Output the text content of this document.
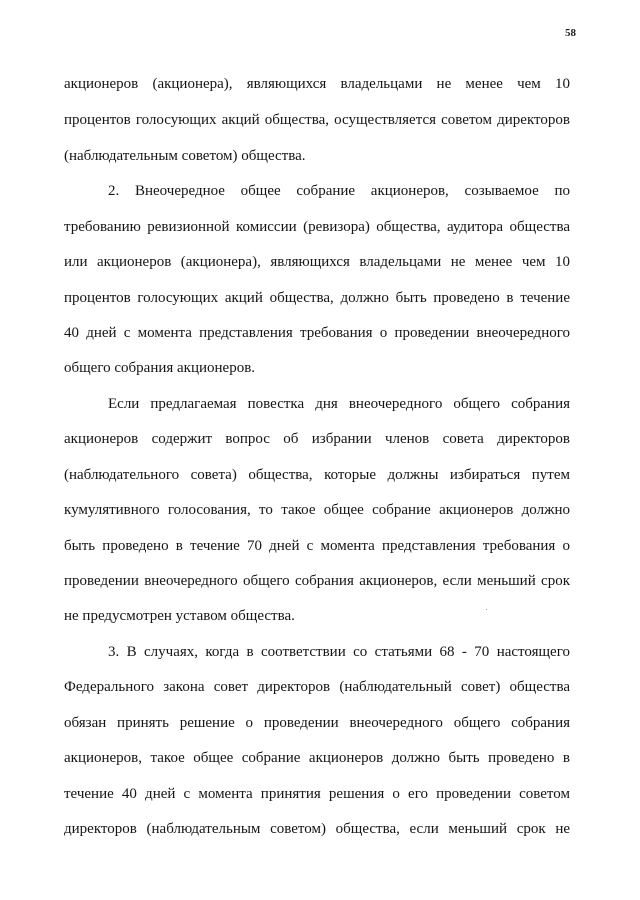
58
акционеров (акционера), являющихся владельцами не менее чем 10
процентов голосующих акций общества, осуществляется советом директоров
(наблюдательным советом) общества.
2. Внеочередное общее собрание акционеров, созываемое по
требованию ревизионной комиссии (ревизора) общества, аудитора общества
или акционеров (акционера), являющихся владельцами не менее чем 10
процентов голосующих акций общества, должно быть проведено в течение
40 дней с момента представления требования о проведении внеочередного
общего собрания акционеров.
Если предлагаемая повестка дня внеочередного общего собрания
акционеров содержит вопрос об избрании членов совета директоров
(наблюдательного совета) общества, которые должны избираться путем
кумулятивного голосования, то такое общее собрание акционеров должно
быть проведено в течение 70 дней с момента представления требования о
проведении внеочередного общего собрания акционеров, если меньший срок
не предусмотрен уставом общества.
3. В случаях, когда в соответствии со статьями 68 - 70 настоящего
Федерального закона совет директоров (наблюдательный совет) общества
обязан принять решение о проведении внеочередного общего собрания
акционеров, такое общее собрание акционеров должно быть проведено в
течение 40 дней с момента принятия решения о его проведении советом
директоров (наблюдательным советом) общества, если меньший срок не
